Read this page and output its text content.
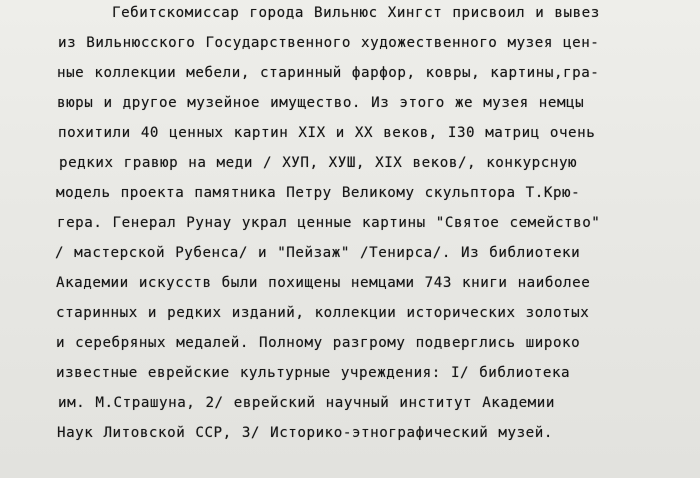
Гебитскомиссар города Вильнюс Хингст присвоил и вывез
из Вильнюсского Государственного художественного музея цен-
ные коллекции мебели, старинный фарфор, ковры, картины,гра-
вюры и другое музейное имущество. Из этого же музея немцы
похитили 40 ценных картин XIX и XX веков, I30 матриц очень
редких гравюр на меди / ХУП, ХУШ, XIX веков/, конкурсную
модель проекта памятника Петру Великому скульптора Т.Крю-
гера. Генерал Рунау украл ценные картины "Святое семейство"
/ мастерской Рубенса/ и "Пейзаж" /Тенирса/. Из библиотеки
Академии искусств были похищены немцами 743 книги наиболее
старинных и редких изданий, коллекции исторических золотых
и серебряных медалей. Полному разгрому подверглись широко
известные еврейские культурные учреждения: I/ библиотека
им. М.Страшуна, 2/ еврейский научный институт Академии
Наук Литовской ССР, 3/ Историко-этнографический музей.
